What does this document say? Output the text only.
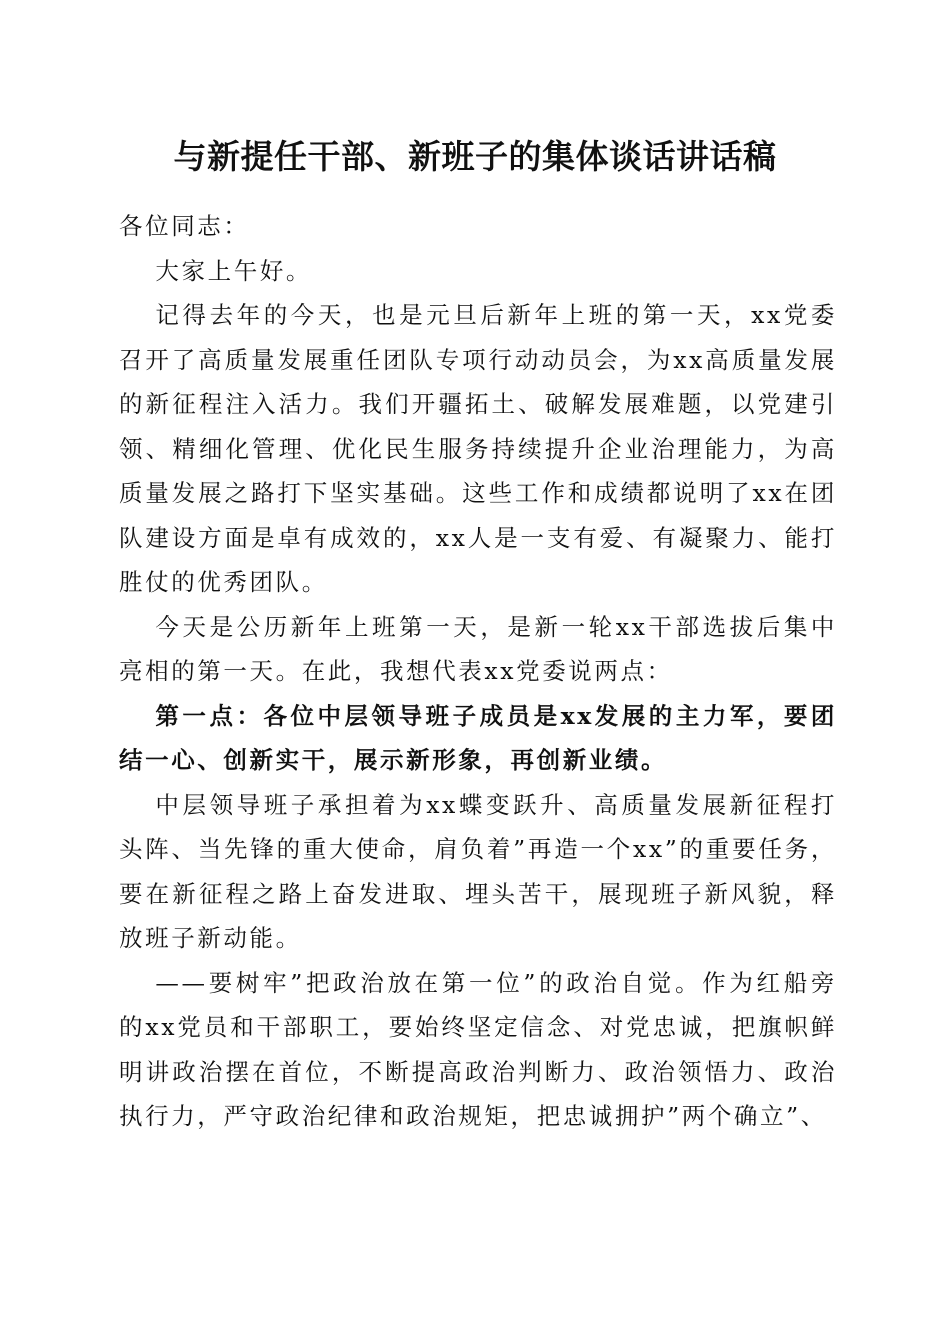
与新提任干部、新班子的集体谈话讲话稿

各位同志：

大家上午好。

记得去年的今天，也是元旦后新年上班的第一天，xx党委召开了高质量发展重任团队专项行动动员会，为xx高质量发展的新征程注入活力。我们开疆拓土、破解发展难题，以党建引领、精细化管理、优化民生服务持续提升企业治理能力，为高质量发展之路打下坚实基础。这些工作和成绩都说明了xx在团队建设方面是卓有成效的，xx人是一支有爱、有凝聚力、能打胜仗的优秀团队。

今天是公历新年上班第一天，是新一轮xx干部选拔后集中亮相的第一天。在此，我想代表xx党委说两点：

第一点：各位中层领导班子成员是xx发展的主力军，要团结一心、创新实干，展示新形象，再创新业绩。

中层领导班子承担着为xx蝶变跃升、高质量发展新征程打头阵、当先锋的重大使命，肩负着”再造一个xx”的重要任务，要在新征程之路上奋发进取、埋头苦干，展现班子新风貌，释放班子新动能。

——要树牢”把政治放在第一位”的政治自觉。作为红船旁的xx党员和干部职工，要始终坚定信念、对党忠诚，把旗帜鲜明讲政治摆在首位，不断提高政治判断力、政治领悟力、政治执行力，严守政治纪律和政治规矩，把忠诚拥护”两个确立”、
